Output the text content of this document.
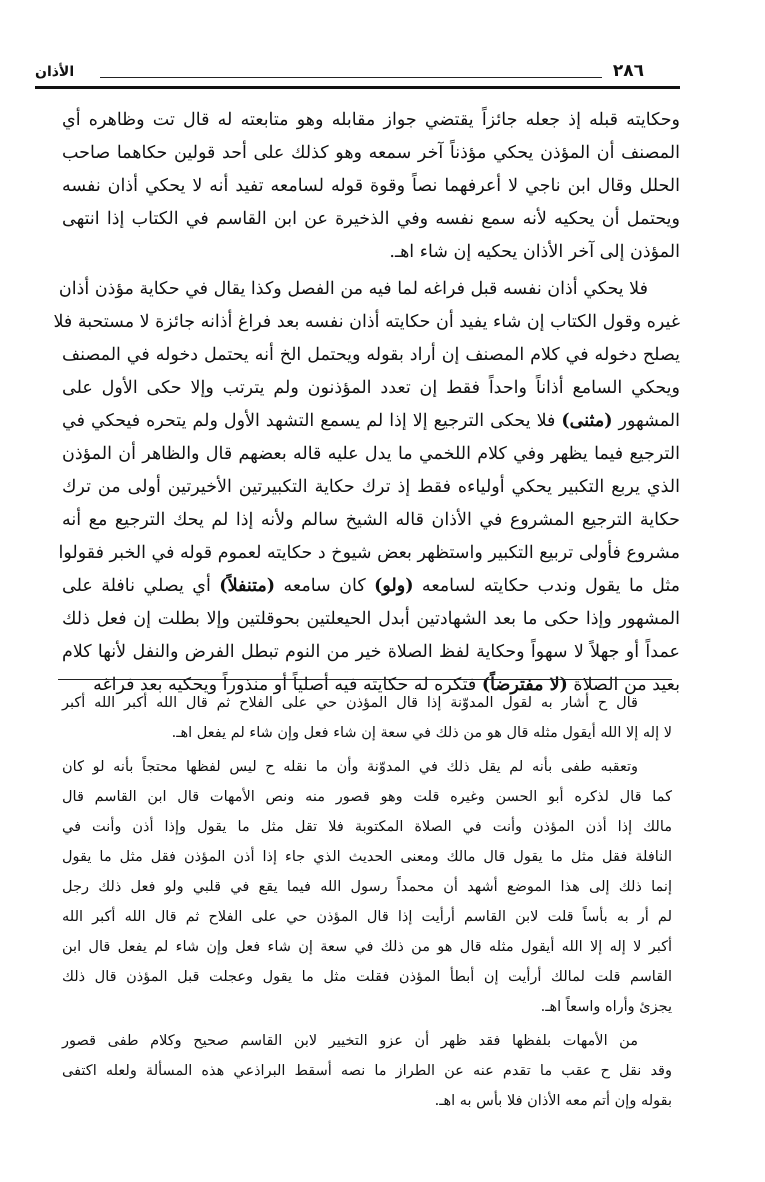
الأذان	٢٨٦

وحكايته قبله إذ جعله جائزاً يقتضي جواز مقابله وهو متابعته له قال تت وظاهره أي
المصنف أن المؤذن يحكي مؤذناً آخر سمعه وهو كذلك على أحد قولين حكاهما صاحب
الحلل وقال ابن ناجي لا أعرفهما نصاً وقوة قوله لسامعه تفيد أنه لا يحكي أذان نفسه
ويحتمل أن يحكيه لأنه سمع نفسه وفي الذخيرة عن ابن القاسم في الكتاب إذا انتهى
المؤذن إلى آخر الأذان يحكيه إن شاء اهـ.

فلا يحكي أذان نفسه قبل فراغه لما فيه من الفصل وكذا يقال في حكاية مؤذن أذان
غيره وقول الكتاب إن شاء يفيد أن حكايته أذان نفسه بعد فراغ أذانه جائزة لا مستحبة فلا
يصلح دخوله في كلام المصنف إن أراد بقوله ويحتمل الخ أنه يحتمل دخوله في المصنف
ويحكي السامع أذاناً واحداً فقط إن تعدد المؤذنون ولم يترتب وإلا حكى الأول على
المشهور (مثنى) فلا يحكى الترجيع إلا إذا لم يسمع التشهد الأول ولم يتحره فيحكي في
الترجيع فيما يظهر وفي كلام اللخمي ما يدل عليه قاله بعضهم قال والظاهر أن المؤذن
الذي يربع التكبير يحكي أولياءه فقط إذ ترك حكاية التكبيرتين الأخيرتين أولى من ترك
حكاية الترجيع المشروع في الأذان قاله الشيخ سالم ولأنه إذا لم يحك الترجيع مع أنه
مشروع فأولى تربيع التكبير واستظهر بعض شيوخ د حكايته لعموم قوله في الخبر فقولوا
مثل ما يقول وندب حكايته لسامعه (ولو) كان سامعه (متنفلاً) أي يصلي نافلة على
المشهور وإذا حكى ما بعد الشهادتين أبدل الحيعلتين بحوقلتين وإلا بطلت إن فعل ذلك
عمداً أو جهلاً لا سهواً وحكاية لفظ الصلاة خير من النوم تبطل الفرض والنفل لأنها كلام
بعيد من الصلاة (لا مفترضاً) فتكره له حكايته فيه أصلياً أو منذوراً ويحكيه بعد فراغه

قال ح أشار به لقول المدوّنة إذا قال المؤذن حي على الفلاح ثم قال الله أكبر الله أكبر
لا إله إلا الله أيقول مثله قال هو من ذلك في سعة إن شاء فعل وإن شاء لم يفعل اهـ.

وتعقبه طفى بأنه لم يقل ذلك في المدوّنة وأن ما نقله ح ليس لفظها محتجاً بأنه لو كان
كما قال لذكره أبو الحسن وغيره قلت وهو قصور منه ونص الأمهات قال ابن القاسم قال
مالك إذا أذن المؤذن وأنت في الصلاة المكتوبة فلا تقل مثل ما يقول وإذا أذن وأنت في
النافلة فقل مثل ما يقول قال مالك ومعنى الحديث الذي جاء إذا أذن المؤذن فقل مثل ما يقول
إنما ذلك إلى هذا الموضع أشهد أن محمداً رسول الله فيما يقع في قلبي ولو فعل ذلك رجل
لم أر به بأساً قلت لابن القاسم أرأيت إذا قال المؤذن حي على الفلاح ثم قال الله أكبر الله
أكبر لا إله إلا الله أيقول مثله قال هو من ذلك في سعة إن شاء فعل وإن شاء لم يفعل قال ابن
القاسم قلت لمالك أرأيت إن أبطأ المؤذن فقلت مثل ما يقول وعجلت قبل المؤذن قال ذلك
يجزئ وأراه واسعاً اهـ.

من الأمهات بلفظها فقد ظهر أن عزو التخيير لابن القاسم صحيح وكلام طفى قصور
وقد نقل ح عقب ما تقدم عنه عن الطراز ما نصه أسقط البراذعي هذه المسألة ولعله اكتفى
بقوله وإن أتم معه الأذان فلا بأس به اهـ.
